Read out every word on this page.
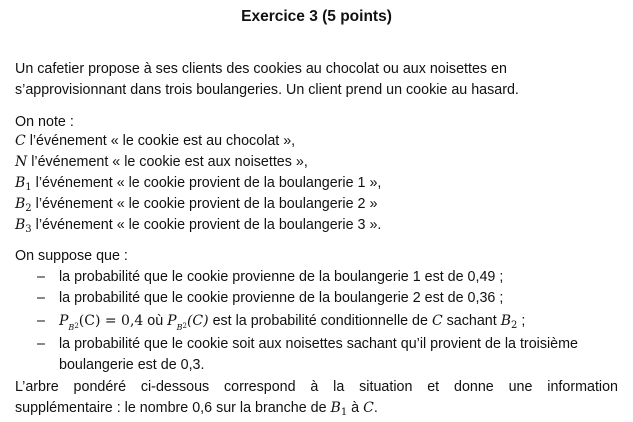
Exercice 3 (5 points)
Un cafetier propose à ses clients des cookies au chocolat ou aux noisettes en
s’approvisionnant dans trois boulangeries. Un client prend un cookie au hasard.
On note :
C l’événement « le cookie est au chocolat »,
N l’événement « le cookie est aux noisettes »,
$B_1$ l’événement « le cookie provient de la boulangerie 1 »,
$B_2$ l’événement « le cookie provient de la boulangerie 2 »
$B_3$ l’événement « le cookie provient de la boulangerie 3 ».
On suppose que :
– la probabilité que le cookie provienne de la boulangerie 1 est de 0,49 ;
– la probabilité que le cookie provienne de la boulangerie 2 est de 0,36 ;
– $P_{_B2}(C) = 0,4$ où $P_{_B2}(C)$ est la probabilité conditionnelle de C sachant $B_2$ ;
– la probabilité que le cookie soit aux noisettes sachant qu’il provient de la troisième
boulangerie est de 0,3.
L’arbre pondéré ci-dessous correspond à la situation et donne une information
supplémentaire : le nombre 0,6 sur la branche de $B_1$ à C.
